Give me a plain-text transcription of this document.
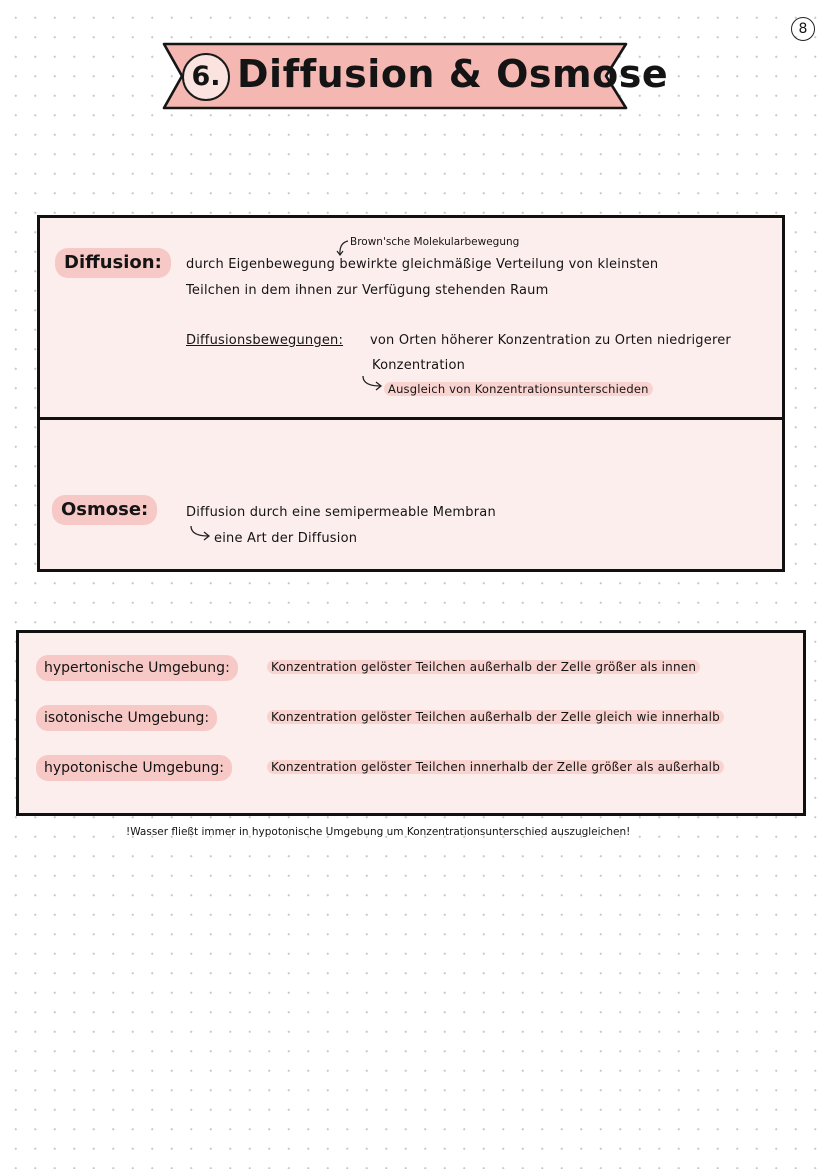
8
6. Diffusion & Osmose
Diffusion:
Brown'sche Molekularbewegung
durch Eigenbewegung bewirkte gleichmäßige Verteilung von kleinsten
Teilchen in dem ihnen zur Verfügung stehenden Raum
Diffusionsbewegungen: von Orten höherer Konzentration zu Orten niedrigerer
Konzentration
Ausgleich von Konzentrationsunterschieden
Osmose:	Diffusion durch eine semipermeable Membran
eine Art der Diffusion
hypertonische Umgebung:	Konzentration gelöster Teilchen außerhalb der Zelle größer als innen
isotonische Umgebung:	Konzentration gelöster Teilchen außerhalb der Zelle gleich wie innerhalb
hypotonische Umgebung:	Konzentration gelöster Teilchen innerhalb der Zelle größer als außerhalb
!Wasser fließt immer in hypotonische Umgebung um Konzentrationsunterschied auszugleichen!
